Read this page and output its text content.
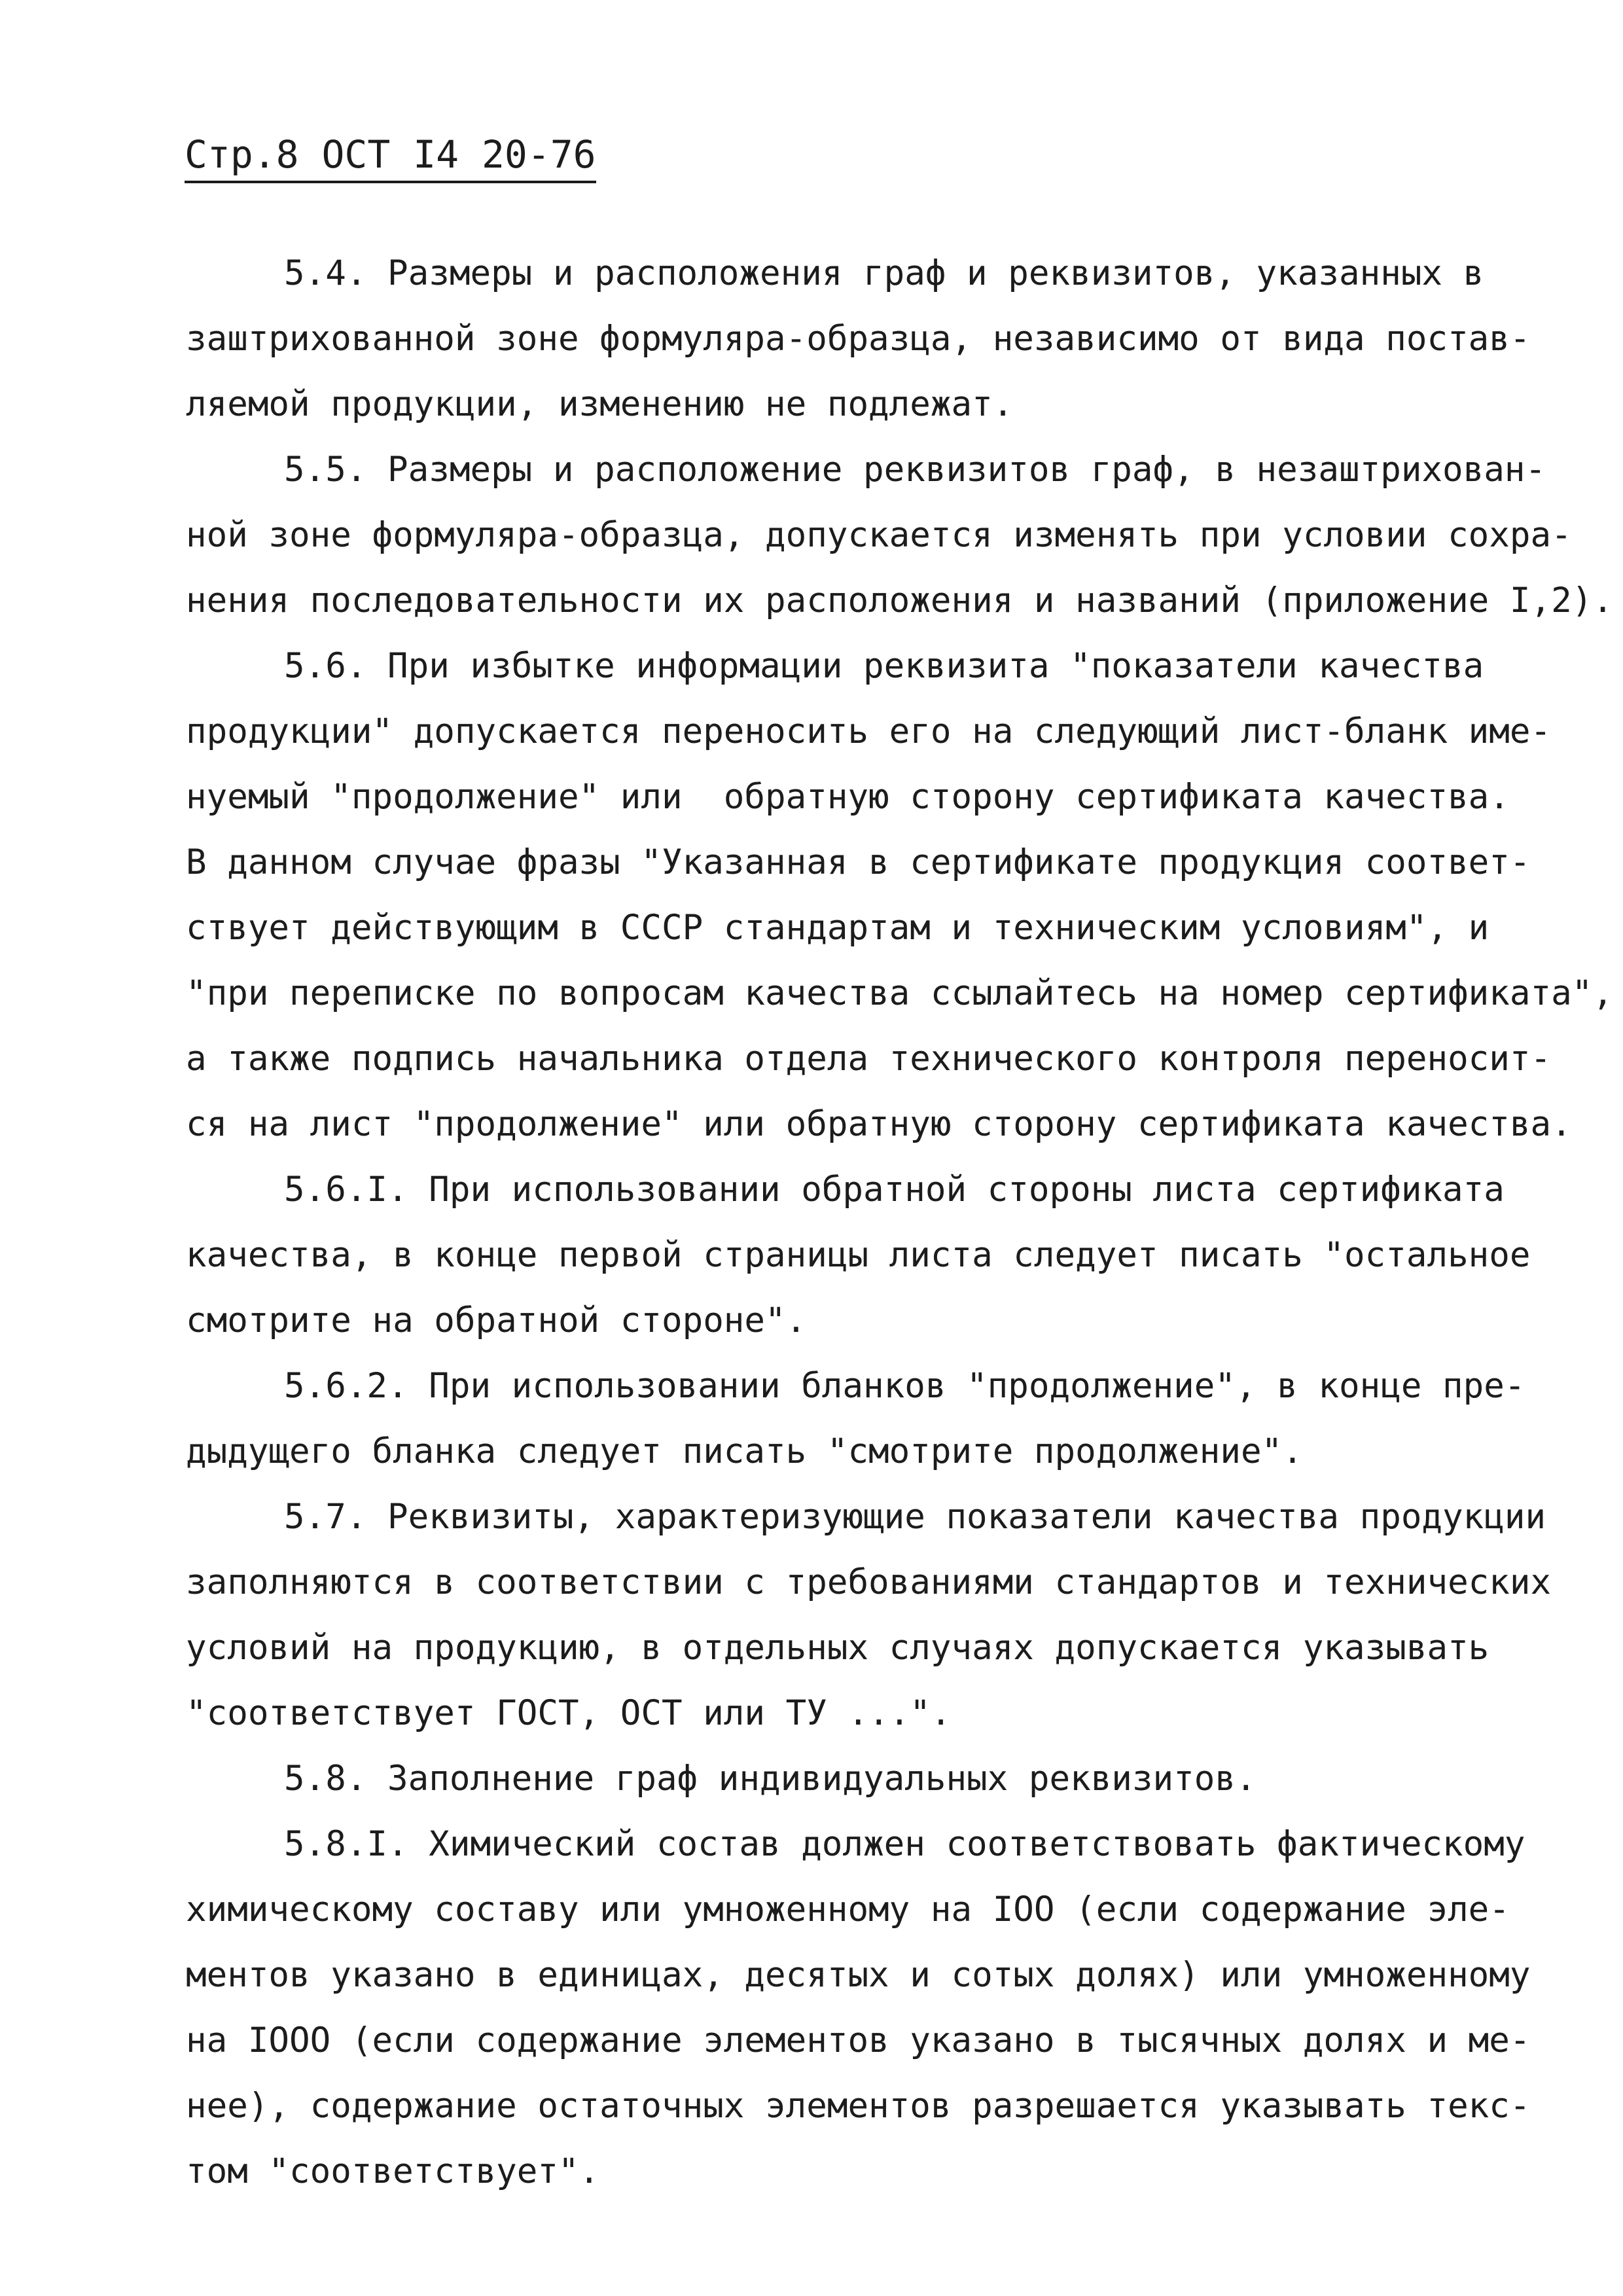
Стр.8 ОСТ I4 20-76
5.4. Размеры и расположения граф и реквизитов, указанных в
заштрихованной зоне формуляра-образца, независимо от вида постав-
ляемой продукции, изменению не подлежат.
5.5. Размеры и расположение реквизитов граф, в незаштрихован-
ной зоне формуляра-образца, допускается изменять при условии сохра-
нения последовательности их расположения и названий (приложение I,2).
5.6. При избытке информации реквизита "показатели качества
продукции" допускается переносить его на следующий лист-бланк име-
нуемый "продолжение" или  обратную сторону сертификата качества.
В данном случае фразы "Указанная в сертификате продукция соответ-
ствует действующим в СССР стандартам и техническим условиям", и
"при переписке по вопросам качества ссылайтесь на номер сертификата",
а также подпись начальника отдела технического контроля переносит-
ся на лист "продолжение" или обратную сторону сертификата качества.
5.6.I. При использовании обратной стороны листа сертификата
качества, в конце первой страницы листа следует писать "остальное
смотрите на обратной стороне".
5.6.2. При использовании бланков "продолжение", в конце пре-
дыдущего бланка следует писать "смотрите продолжение".
5.7. Реквизиты, характеризующие показатели качества продукции
заполняются в соответствии с требованиями стандартов и технических
условий на продукцию, в отдельных случаях допускается указывать
"соответствует ГОСТ, ОСТ или ТУ ...".
5.8. Заполнение граф индивидуальных реквизитов.
5.8.I. Химический состав должен соответствовать фактическому
химическому составу или умноженному на IOO (если содержание эле-
ментов указано в единицах, десятых и сотых долях) или умноженному
на IOOO (если содержание элементов указано в тысячных долях и ме-
нее), содержание остаточных элементов разрешается указывать текс-
том "соответствует".
